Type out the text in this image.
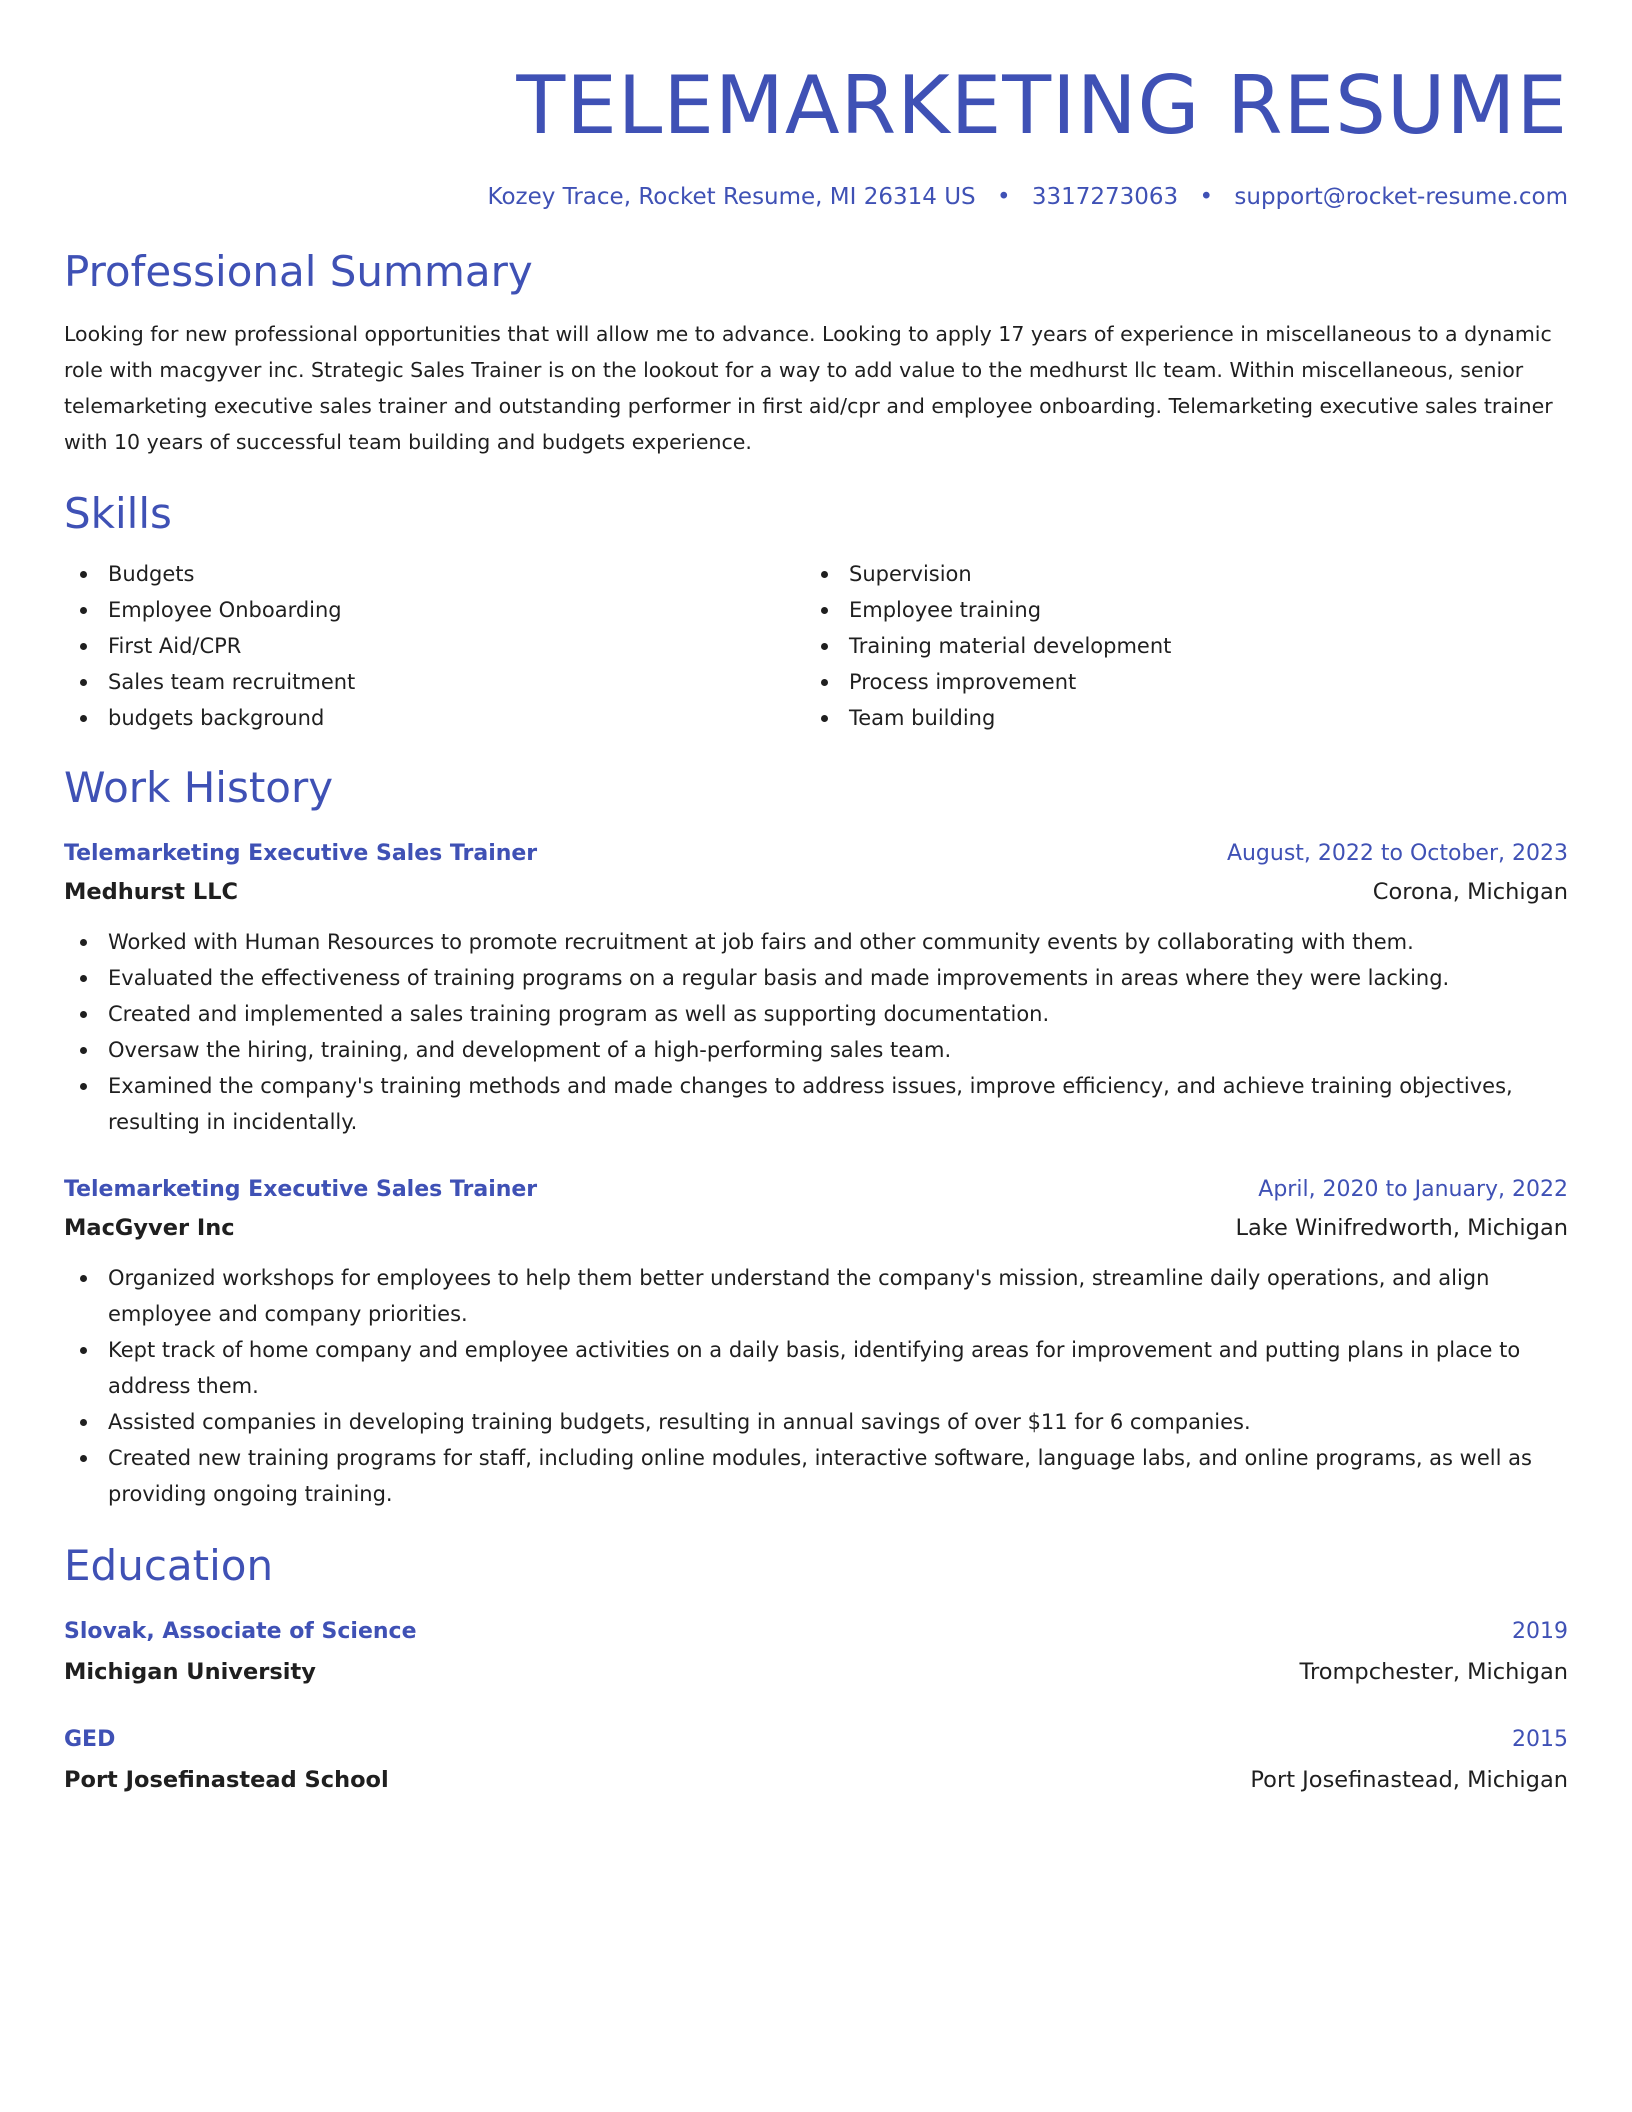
TELEMARKETING RESUME
Kozey Trace, Rocket Resume, MI 26314 US • 3317273063 • support@rocket-resume.com
Professional Summary
Looking for new professional opportunities that will allow me to advance. Looking to apply 17 years of experience in miscellaneous to a dynamic role with macgyver inc. Strategic Sales Trainer is on the lookout for a way to add value to the medhurst llc team. Within miscellaneous, senior telemarketing executive sales trainer and outstanding performer in first aid/cpr and employee onboarding. Telemarketing executive sales trainer with 10 years of successful team building and budgets experience.
Skills
Budgets
Employee Onboarding
First Aid/CPR
Sales team recruitment
budgets background
Supervision
Employee training
Training material development
Process improvement
Team building
Work History
Telemarketing Executive Sales Trainer	August, 2022 to October, 2023
Medhurst LLC	Corona, Michigan
Worked with Human Resources to promote recruitment at job fairs and other community events by collaborating with them.
Evaluated the effectiveness of training programs on a regular basis and made improvements in areas where they were lacking.
Created and implemented a sales training program as well as supporting documentation.
Oversaw the hiring, training, and development of a high-performing sales team.
Examined the company's training methods and made changes to address issues, improve efficiency, and achieve training objectives, resulting in incidentally.
Telemarketing Executive Sales Trainer	April, 2020 to January, 2022
MacGyver Inc	Lake Winifredworth, Michigan
Organized workshops for employees to help them better understand the company's mission, streamline daily operations, and align employee and company priorities.
Kept track of home company and employee activities on a daily basis, identifying areas for improvement and putting plans in place to address them.
Assisted companies in developing training budgets, resulting in annual savings of over $11 for 6 companies.
Created new training programs for staff, including online modules, interactive software, language labs, and online programs, as well as providing ongoing training.
Education
Slovak, Associate of Science	2019
Michigan University	Trompchester, Michigan
GED	2015
Port Josefinastead School	Port Josefinastead, Michigan
